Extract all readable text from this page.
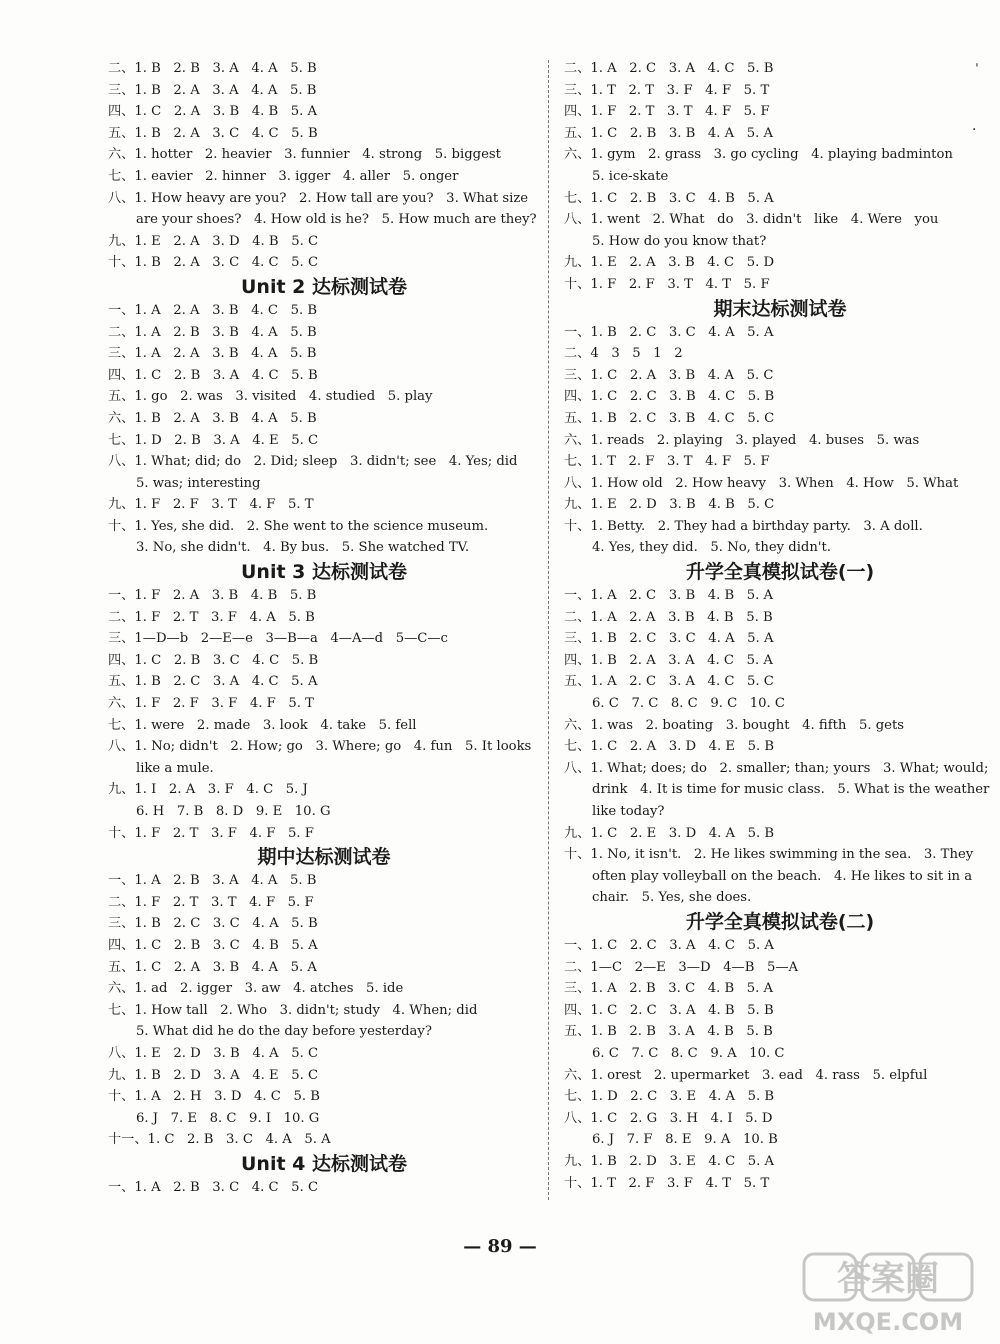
二、1. B   2. B   3. A   4. A   5. B
三、1. B   2. A   3. A   4. A   5. B
四、1. C   2. A   3. B   4. B   5. A
五、1. B   2. A   3. C   4. C   5. B
六、1. hotter   2. heavier   3. funnier   4. strong   5. biggest
七、1. eavier   2. hinner   3. igger   4. aller   5. onger
八、1. How heavy are you?   2. How tall are you?   3. What size
are your shoes?   4. How old is he?   5. How much are they?
九、1. E   2. A   3. D   4. B   5. C
十、1. B   2. A   3. C   4. C   5. C
Unit 2 达标测试卷
一、1. A   2. A   3. B   4. C   5. B
二、1. A   2. B   3. B   4. A   5. B
三、1. A   2. A   3. B   4. A   5. B
四、1. C   2. B   3. A   4. C   5. B
五、1. go   2. was   3. visited   4. studied   5. play
六、1. B   2. A   3. B   4. A   5. B
七、1. D   2. B   3. A   4. E   5. C
八、1. What; did; do   2. Did; sleep   3. didn't; see   4. Yes; did
5. was; interesting
九、1. F   2. F   3. T   4. F   5. T
十、1. Yes, she did.   2. She went to the science museum.
3. No, she didn't.   4. By bus.   5. She watched TV.
Unit 3 达标测试卷
一、1. F   2. A   3. B   4. B   5. B
二、1. F   2. T   3. F   4. A   5. B
三、1—D—b   2—E—e   3—B—a   4—A—d   5—C—c
四、1. C   2. B   3. C   4. C   5. B
五、1. B   2. C   3. A   4. C   5. A
六、1. F   2. F   3. F   4. F   5. T
七、1. were   2. made   3. look   4. take   5. fell
八、1. No; didn't   2. How; go   3. Where; go   4. fun   5. It looks
like a mule.
九、1. I   2. A   3. F   4. C   5. J
6. H   7. B   8. D   9. E   10. G
十、1. F   2. T   3. F   4. F   5. F
期中达标测试卷
一、1. A   2. B   3. A   4. A   5. B
二、1. F   2. T   3. T   4. F   5. F
三、1. B   2. C   3. C   4. A   5. B
四、1. C   2. B   3. C   4. B   5. A
五、1. C   2. A   3. B   4. A   5. A
六、1. ad   2. igger   3. aw   4. atches   5. ide
七、1. How tall   2. Who   3. didn't; study   4. When; did
5. What did he do the day before yesterday?
八、1. E   2. D   3. B   4. A   5. C
九、1. B   2. D   3. A   4. E   5. C
十、1. A   2. H   3. D   4. C   5. B
6. J   7. E   8. C   9. I   10. G
十一、1. C   2. B   3. C   4. A   5. A
Unit 4 达标测试卷
一、1. A   2. B   3. C   4. C   5. C
二、1. A   2. C   3. A   4. C   5. B
三、1. T   2. T   3. F   4. F   5. T
四、1. F   2. T   3. T   4. F   5. F
五、1. C   2. B   3. B   4. A   5. A
六、1. gym   2. grass   3. go cycling   4. playing badminton
5. ice-skate
七、1. C   2. B   3. C   4. B   5. A
八、1. went   2. What   do   3. didn't   like   4. Were   you
5. How do you know that?
九、1. E   2. A   3. B   4. C   5. D
十、1. F   2. F   3. T   4. T   5. F
期末达标测试卷
一、1. B   2. C   3. C   4. A   5. A
二、4   3   5   1   2
三、1. C   2. A   3. B   4. A   5. C
四、1. C   2. C   3. B   4. C   5. B
五、1. B   2. C   3. B   4. C   5. C
六、1. reads   2. playing   3. played   4. buses   5. was
七、1. T   2. F   3. T   4. F   5. F
八、1. How old   2. How heavy   3. When   4. How   5. What
九、1. E   2. D   3. B   4. B   5. C
十、1. Betty.   2. They had a birthday party.   3. A doll.
4. Yes, they did.   5. No, they didn't.
升学全真模拟试卷(一)
一、1. A   2. C   3. B   4. B   5. A
二、1. A   2. A   3. B   4. B   5. B
三、1. B   2. C   3. C   4. A   5. A
四、1. B   2. A   3. A   4. C   5. A
五、1. A   2. C   3. A   4. C   5. C
6. C   7. C   8. C   9. C   10. C
六、1. was   2. boating   3. bought   4. fifth   5. gets
七、1. C   2. A   3. D   4. E   5. B
八、1. What; does; do   2. smaller; than; yours   3. What; would;
drink   4. It is time for music class.   5. What is the weather
like today?
九、1. C   2. E   3. D   4. A   5. B
十、1. No, it isn't.   2. He likes swimming in the sea.   3. They
often play volleyball on the beach.   4. He likes to sit in a
chair.   5. Yes, she does.
升学全真模拟试卷(二)
一、1. C   2. C   3. A   4. C   5. A
二、1—C   2—E   3—D   4—B   5—A
三、1. A   2. B   3. C   4. B   5. A
四、1. C   2. C   3. A   4. B   5. B
五、1. B   2. B   3. A   4. B   5. B
6. C   7. C   8. C   9. A   10. C
六、1. orest   2. upermarket   3. ead   4. rass   5. elpful
七、1. D   2. C   3. E   4. A   5. B
八、1. C   2. G   3. H   4. I   5. D
6. J   7. F   8. E   9. A   10. B
九、1. B   2. D   3. E   4. C   5. A
十、1. T   2. F   3. F   4. T   5. T
ˈ
·
— 89 —
答案圈
MXQE.COM
